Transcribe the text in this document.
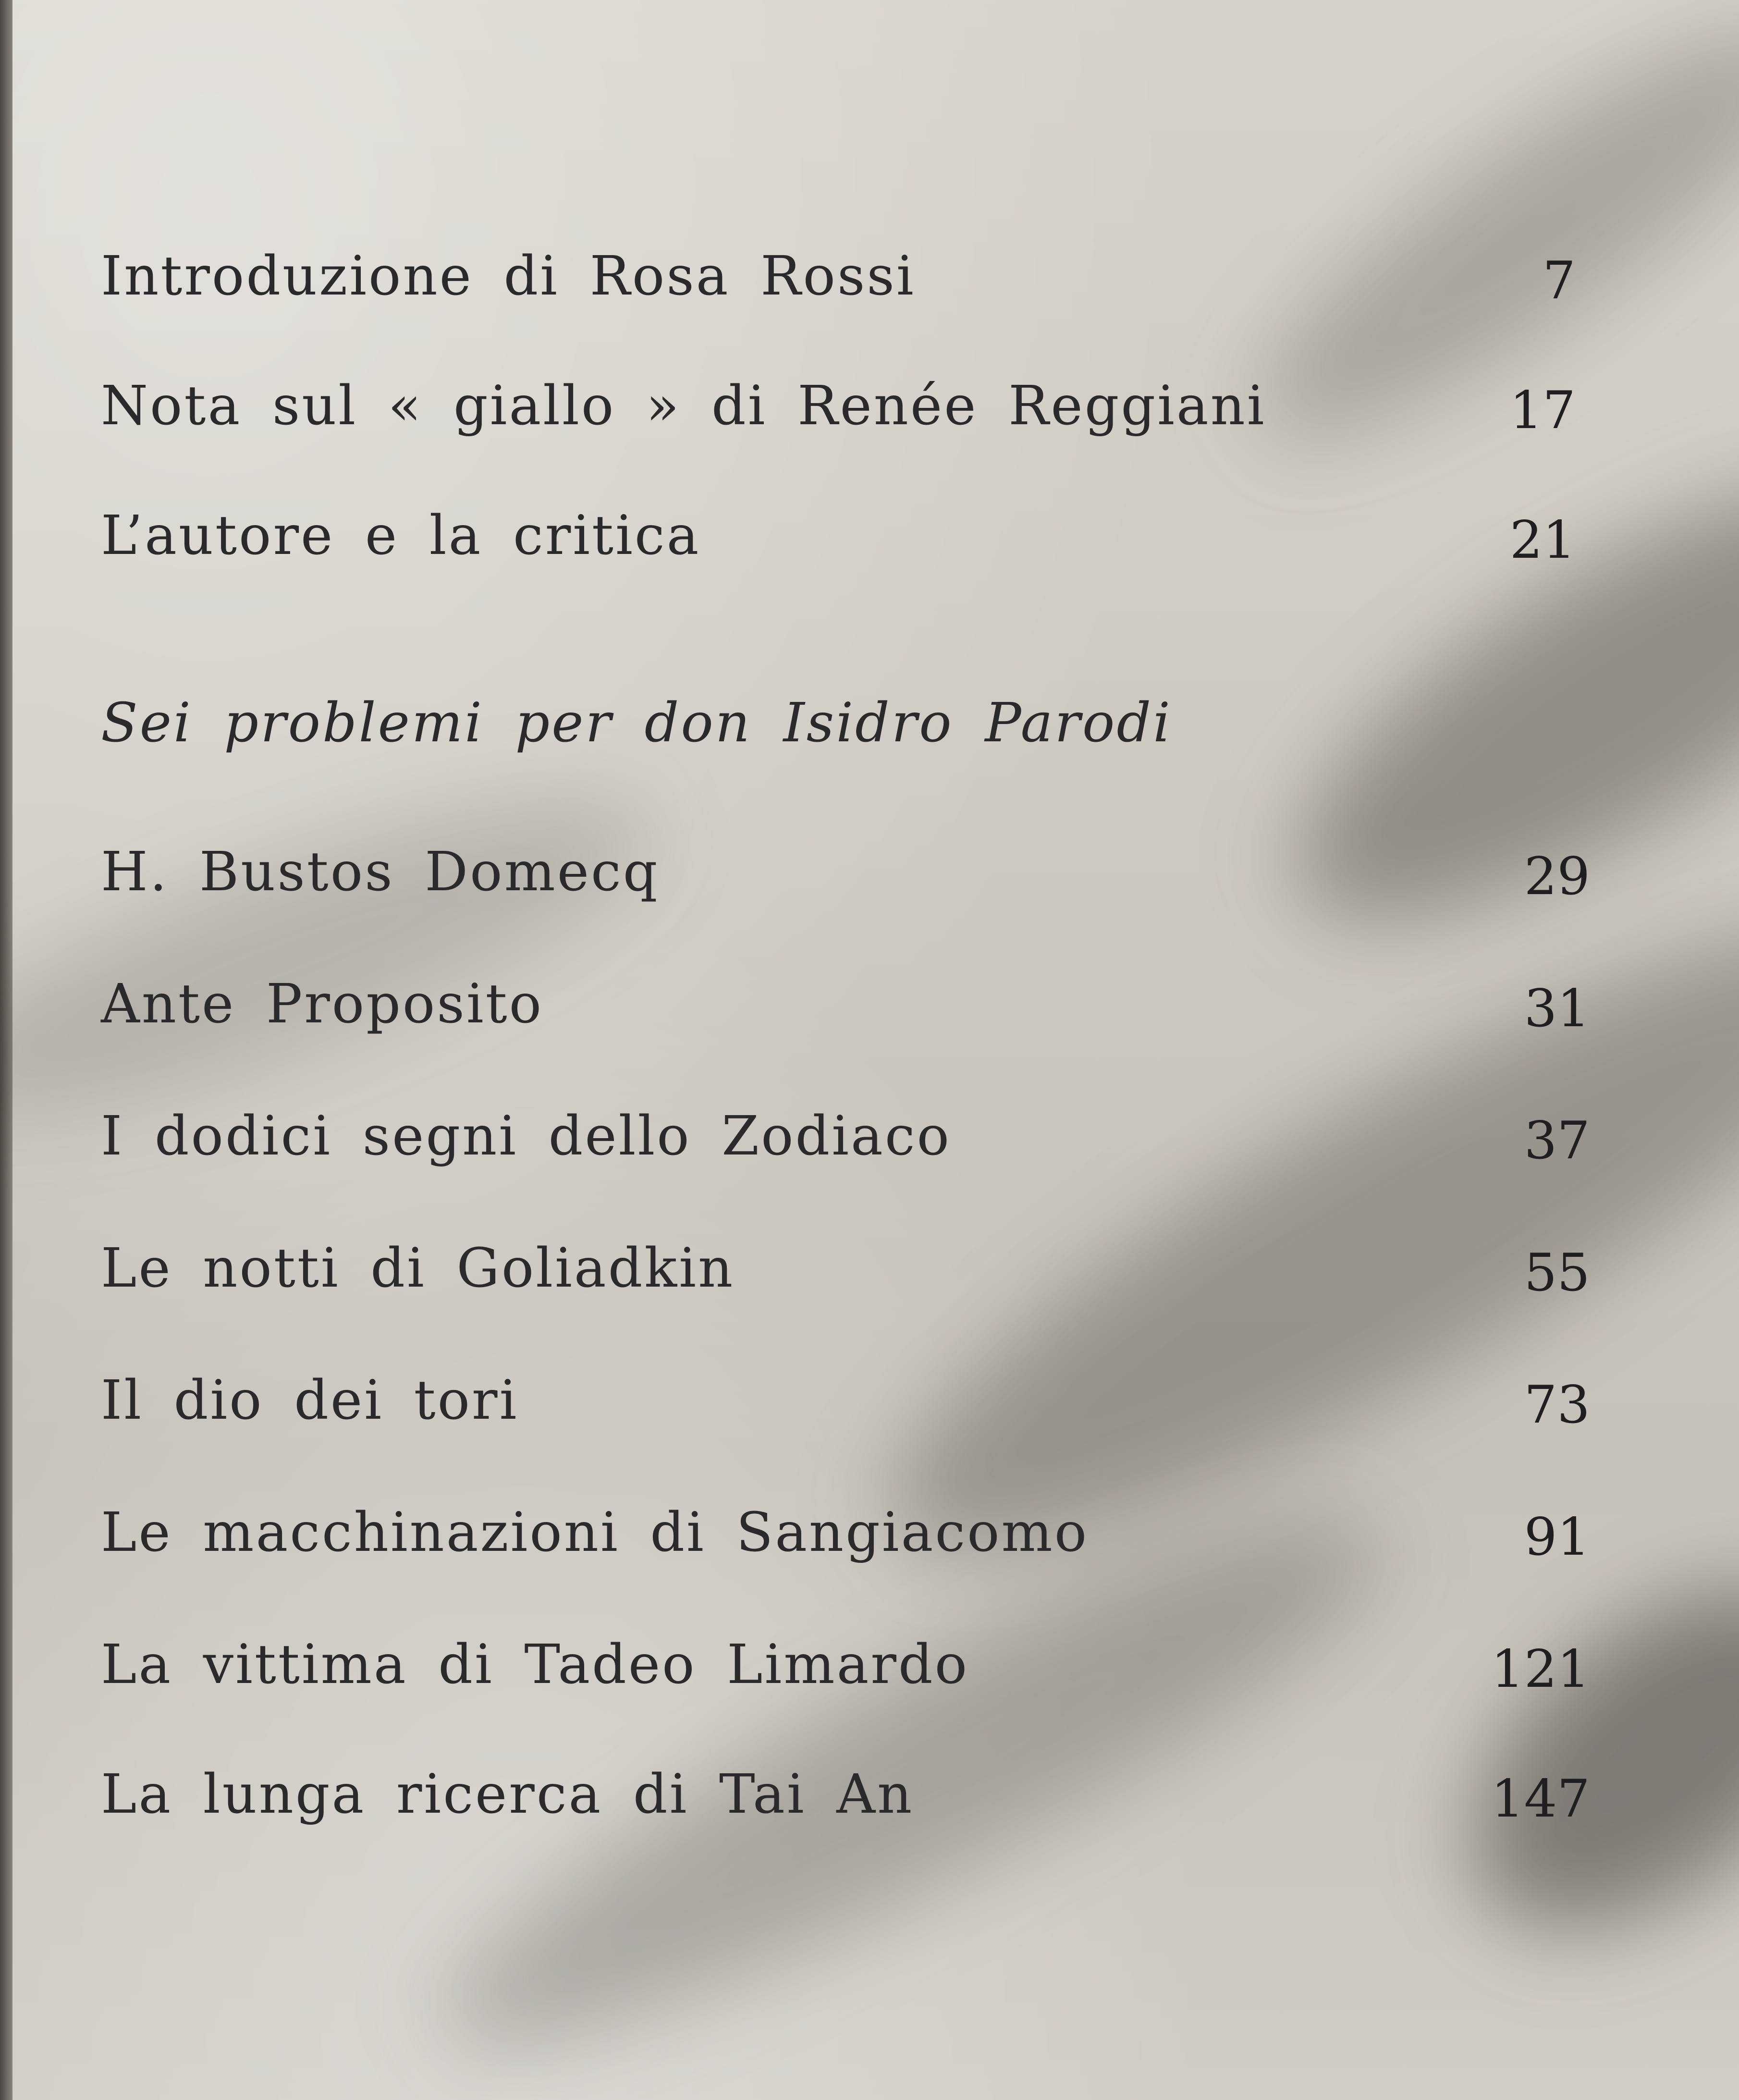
Introduzione di Rosa Rossi	7
Nota sul « giallo » di Renée Reggiani	17
L’autore e la critica	21
Sei problemi per don Isidro Parodi
H. Bustos Domecq	29
Ante Proposito	31
I dodici segni dello Zodiaco	37
Le notti di Goliadkin	55
Il dio dei tori	73
Le macchinazioni di Sangiacomo	91
La vittima di Tadeo Limardo	121
La lunga ricerca di Tai An	147
